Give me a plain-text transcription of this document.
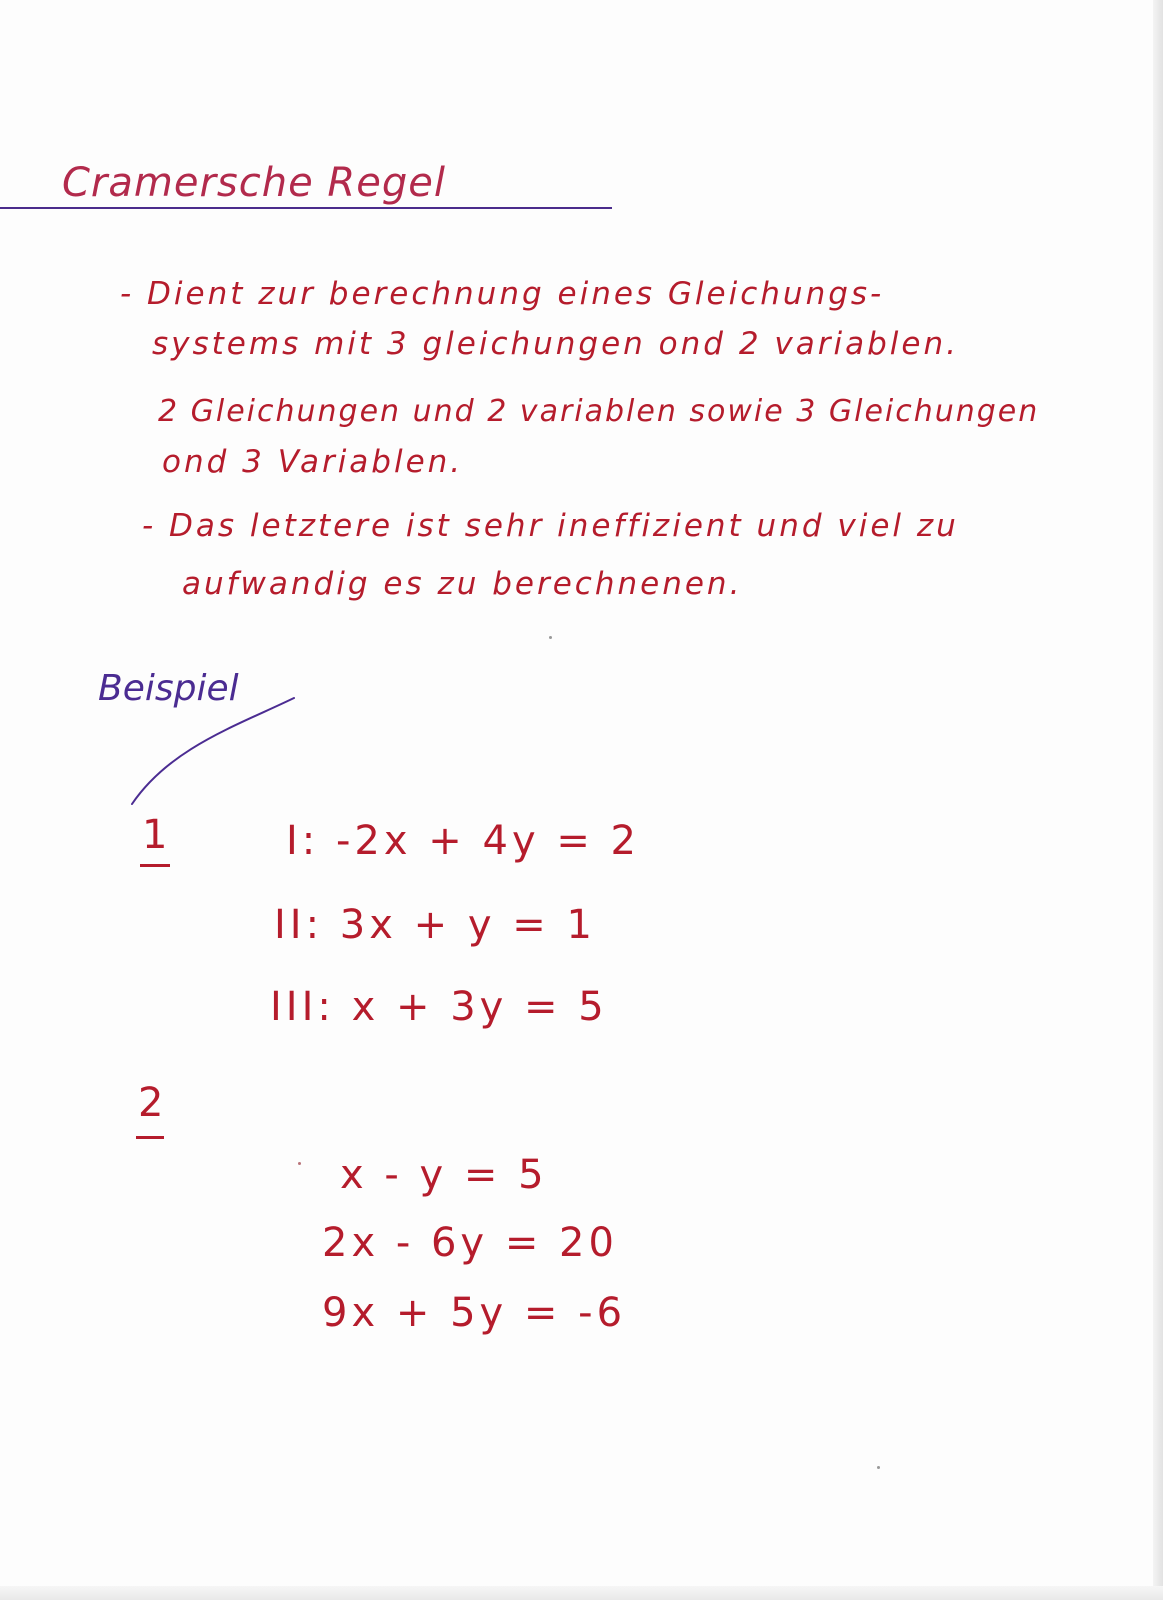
Cramersche Regel
- Dient zur berechnung eines Gleichungs-
systems mit 3 gleichungen ond 2 variablen.
2 Gleichungen und 2 variablen sowie 3 Gleichungen
ond 3 Variablen.
- Das letztere ist sehr ineffizient und viel zu
aufwandig es zu berechnenen.
Beispiel
1	I: -2x + 4y = 2
II: 3x + y = 1
III: x + 3y = 5
2
x - y = 5
2x - 6y = 20
9x + 5y = -6
